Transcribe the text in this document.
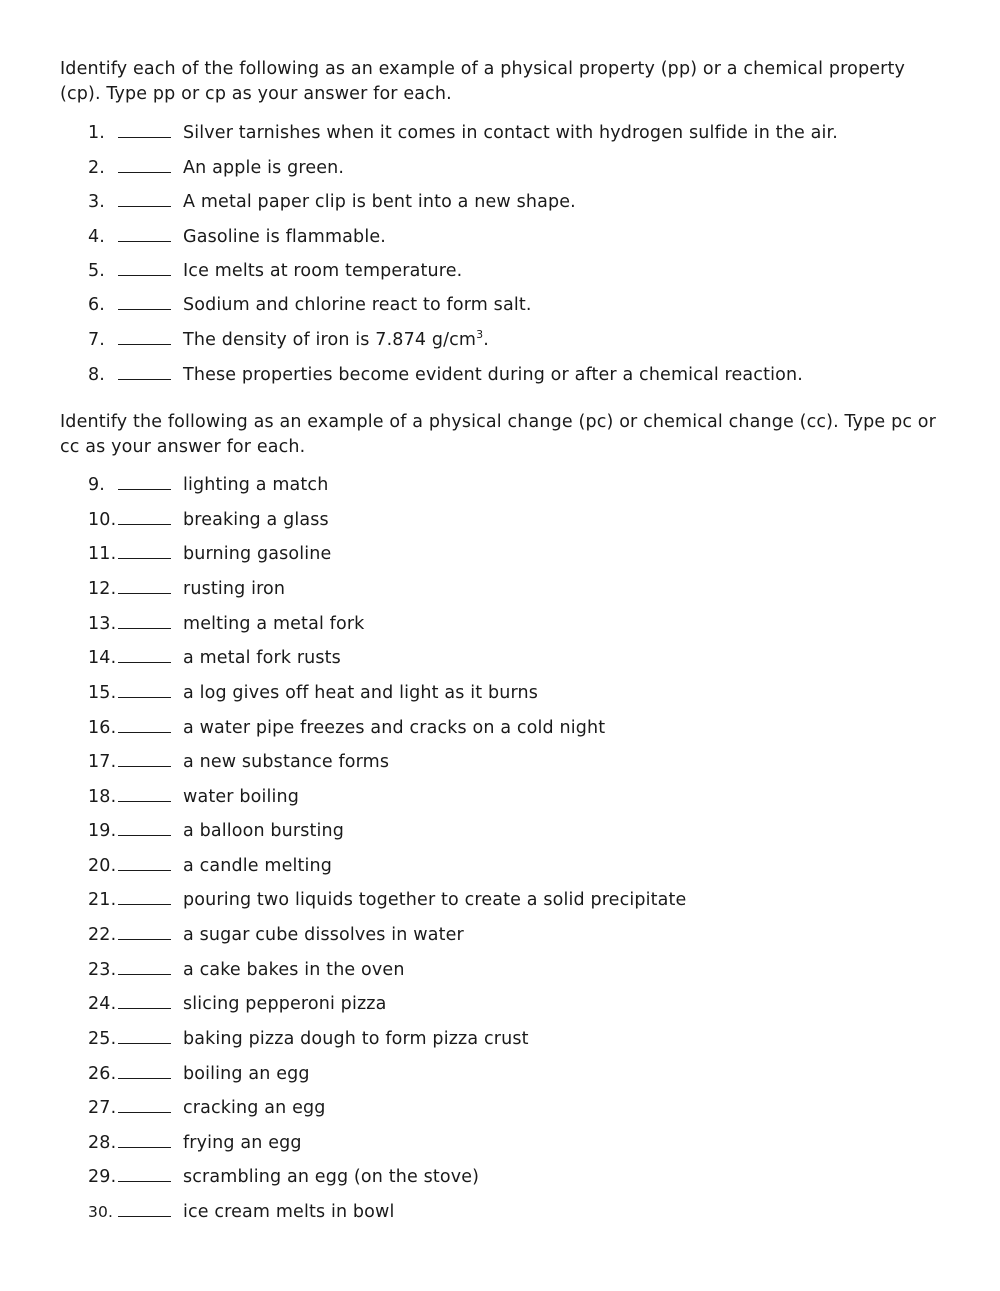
Identify each of the following as an example of a physical property (pp) or a chemical property (cp). Type pp or cp as your answer for each.

1.	Silver tarnishes when it comes in contact with hydrogen sulfide in the air.
2.	An apple is green.
3.	A metal paper clip is bent into a new shape.
4.	Gasoline is flammable.
5.	Ice melts at room temperature.
6.	Sodium and chlorine react to form salt.
7.	The density of iron is 7.874 $g/cm^3$.
8.	These properties become evident during or after a chemical reaction.

Identify the following as an example of a physical change (pc) or chemical change (cc). Type pc or cc as your answer for each.

9.	lighting a match
10.	breaking a glass
11.	burning gasoline
12.	rusting iron
13.	melting a metal fork
14.	a metal fork rusts
15.	a log gives off heat and light as it burns
16.	a water pipe freezes and cracks on a cold night
17.	a new substance forms
18.	water boiling
19.	a balloon bursting
20.	a candle melting
21.	pouring two liquids together to create a solid precipitate
22.	a sugar cube dissolves in water
23.	a cake bakes in the oven
24.	slicing pepperoni pizza
25.	baking pizza dough to form pizza crust
26.	boiling an egg
27.	cracking an egg
28.	frying an egg
29.	scrambling an egg (on the stove)
30.	ice cream melts in bowl
